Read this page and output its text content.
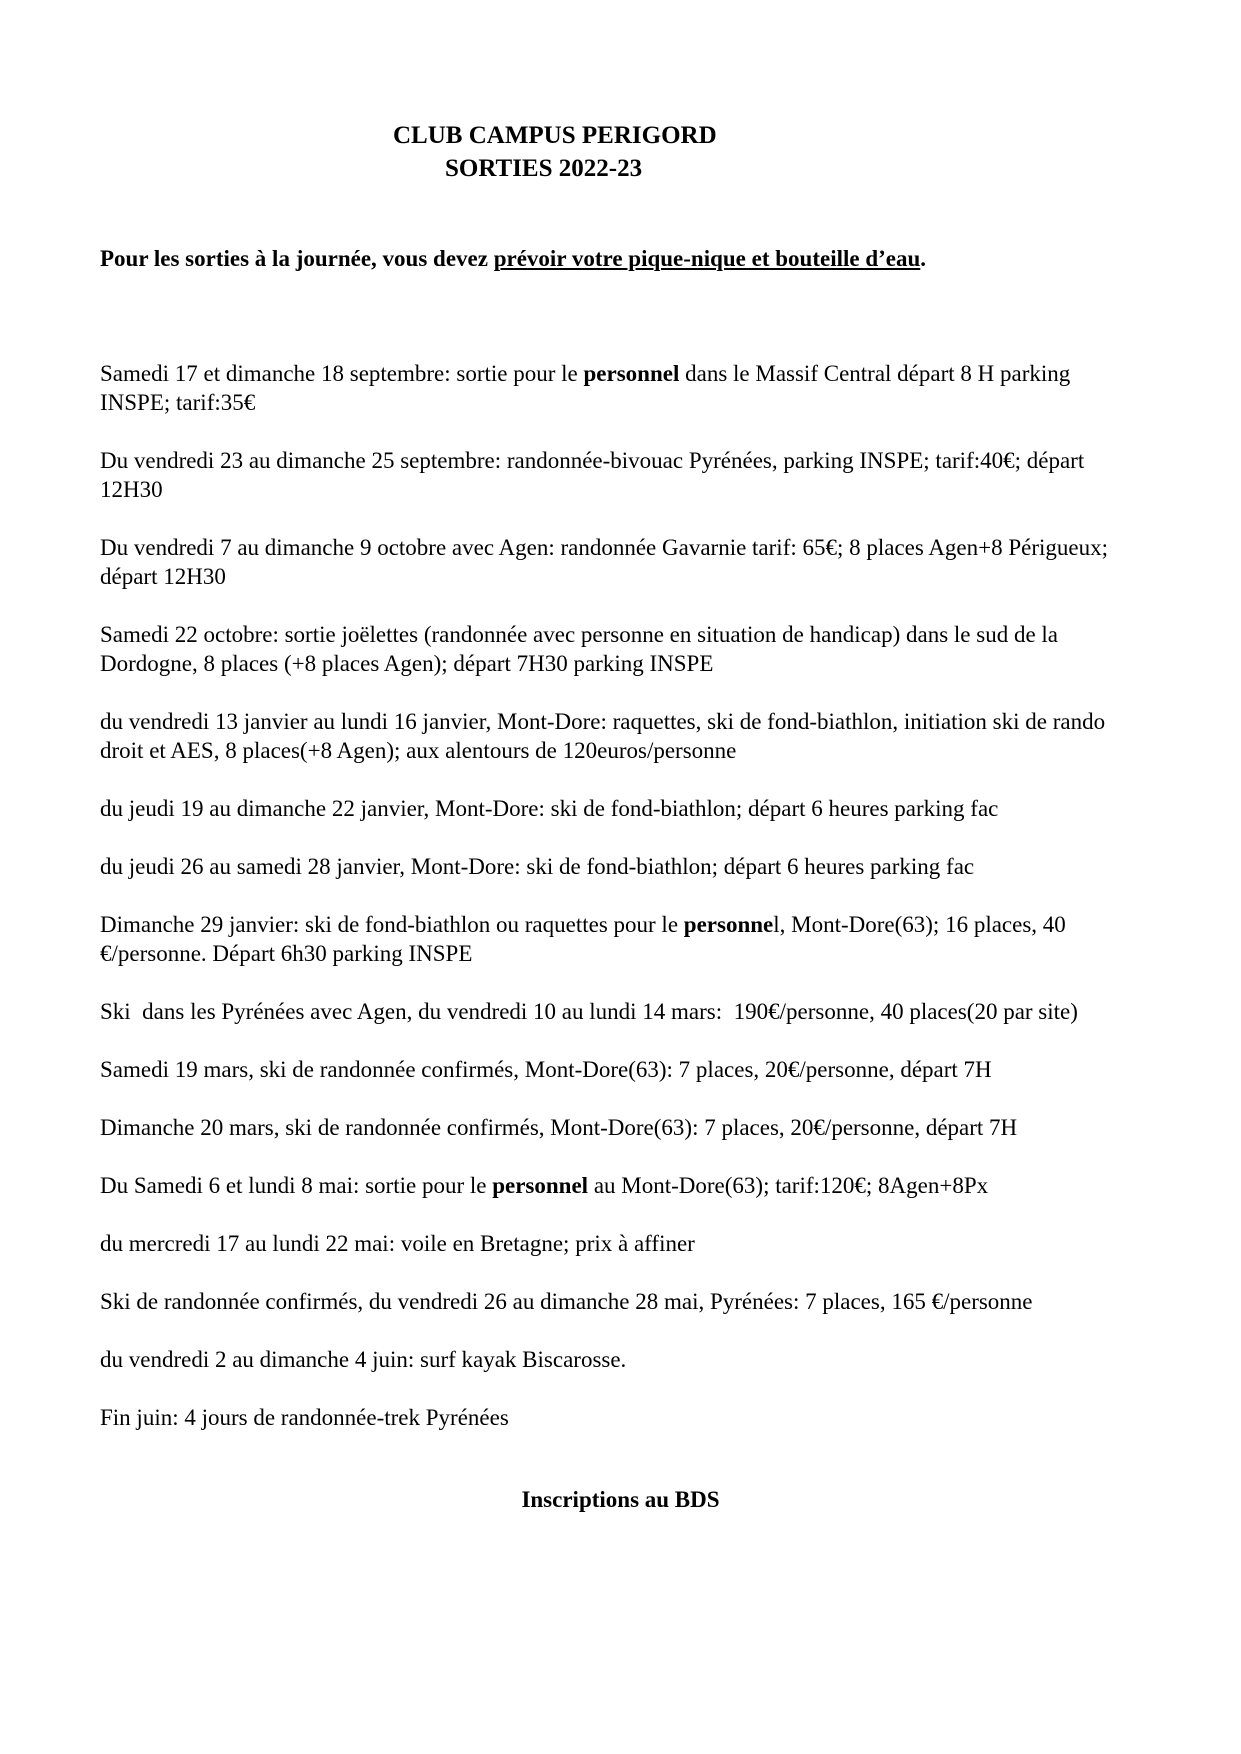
CLUB CAMPUS PERIGORD

SORTIES 2022-23

Pour les sorties à la journée, vous devez prévoir votre pique-nique et bouteille d’eau.

Samedi 17 et dimanche 18 septembre: sortie pour le personnel dans le Massif Central départ 8 H parking INSPE; tarif:35€

Du vendredi 23 au dimanche 25 septembre: randonnée-bivouac Pyrénées, parking INSPE; tarif:40€; départ 12H30

Du vendredi 7 au dimanche 9 octobre avec Agen: randonnée Gavarnie tarif: 65€; 8 places Agen+8 Périgueux; départ 12H30

Samedi 22 octobre: sortie joëlettes (randonnée avec personne en situation de handicap) dans le sud de la Dordogne, 8 places (+8 places Agen); départ 7H30 parking INSPE

du vendredi 13 janvier au lundi 16 janvier, Mont-Dore: raquettes, ski de fond-biathlon, initiation ski de rando droit et AES, 8 places(+8 Agen); aux alentours de 120euros/personne

du jeudi 19 au dimanche 22 janvier, Mont-Dore: ski de fond-biathlon; départ 6 heures parking fac

du jeudi 26 au samedi 28 janvier, Mont-Dore: ski de fond-biathlon; départ 6 heures parking fac

Dimanche 29 janvier: ski de fond-biathlon ou raquettes pour le personnel, Mont-Dore(63); 16 places, 40 €/personne. Départ 6h30 parking INSPE

Ski  dans les Pyrénées avec Agen, du vendredi 10 au lundi 14 mars:  190€/personne, 40 places(20 par site)

Samedi 19 mars, ski de randonnée confirmés, Mont-Dore(63): 7 places, 20€/personne, départ 7H

Dimanche 20 mars, ski de randonnée confirmés, Mont-Dore(63): 7 places, 20€/personne, départ 7H

Du Samedi 6 et lundi 8 mai: sortie pour le personnel au Mont-Dore(63); tarif:120€; 8Agen+8Px

du mercredi 17 au lundi 22 mai: voile en Bretagne; prix à affiner

Ski de randonnée confirmés, du vendredi 26 au dimanche 28 mai, Pyrénées: 7 places, 165 €/personne

du vendredi 2 au dimanche 4 juin: surf kayak Biscarosse.

Fin juin: 4 jours de randonnée-trek Pyrénées

Inscriptions au BDS
